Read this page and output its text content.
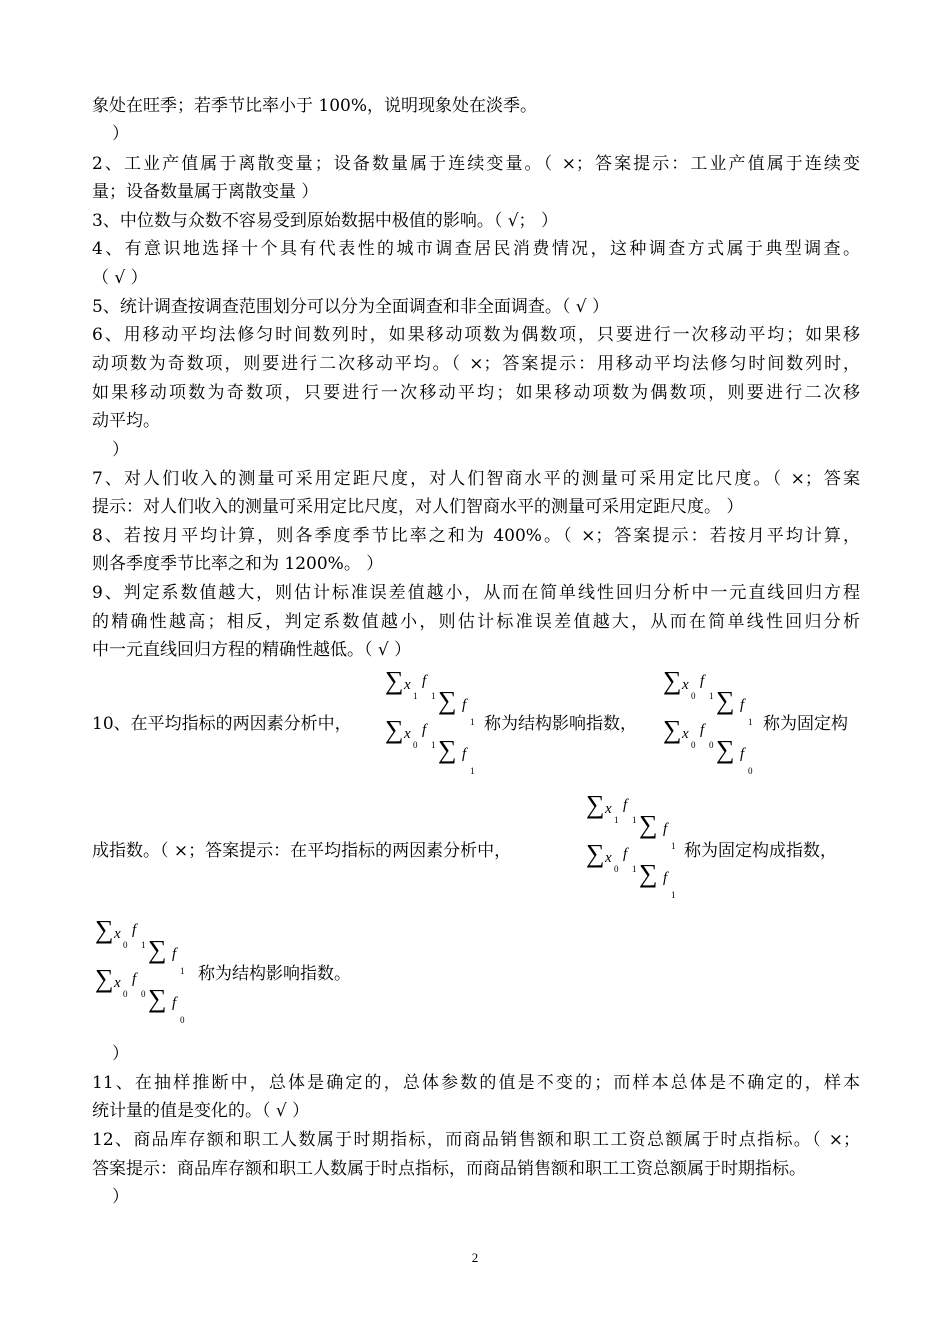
象处在旺季；若季节比率小于 100%，说明现象处在淡季。
）
2、工业产值属于离散变量；设备数量属于连续变量。（ ×；答案提示：工业产值属于连续变
量；设备数量属于离散变量 ）
3、中位数与众数不容易受到原始数据中极值的影响。（ √； ）
4、有意识地选择十个具有代表性的城市调查居民消费情况，这种调查方式属于典型调查。
（ √ ）
5、统计调查按调查范围划分可以分为全面调查和非全面调查。（ √ ）
6、用移动平均法修匀时间数列时，如果移动项数为偶数项，只要进行一次移动平均；如果移
动项数为奇数项，则要进行二次移动平均。（ ×；答案提示：用移动平均法修匀时间数列时，
如果移动项数为奇数项，只要进行一次移动平均；如果移动项数为偶数项，则要进行二次移
动平均。
）
7、对人们收入的测量可采用定距尺度，对人们智商水平的测量可采用定比尺度。（ ×；答案
提示：对人们收入的测量可采用定比尺度，对人们智商水平的测量可采用定距尺度。 ）
8、若按月平均计算，则各季度季节比率之和为 400%。（ ×；答案提示：若按月平均计算，
则各季度季节比率之和为 1200%。 ）
9、判定系数值越大，则估计标准误差值越小，从而在简单线性回归分析中一元直线回归方程
的精确性越高；相反，判定系数值越小，则估计标准误差值越大，从而在简单线性回归分析
中一元直线回归方程的精确性越低。（ √ ）
10、在平均指标的两因素分析中，
∑ x
1
f
1 ∑ f
1
∑ x
0
f
1 ∑ f
1
称为结构影响指数，
∑ x
0
f
1 ∑ f
1
∑ x
0
f
0 ∑ f
0
称为固定构
成指数。（ ×；答案提示：在平均指标的两因素分析中，
∑ x
1
f
1 ∑ f
1
∑ x
0
f
1 ∑ f
1
称为固定构成指数，
∑ x
0
f
1 ∑ f
1
∑ x
0
f
0 ∑ f
0
称为结构影响指数。
）
11、在抽样推断中，总体是确定的，总体参数的值是不变的；而样本总体是不确定的，样本
统计量的值是变化的。（ √ ）
12、商品库存额和职工人数属于时期指标，而商品销售额和职工工资总额属于时点指标。（ ×；
答案提示：商品库存额和职工人数属于时点指标，而商品销售额和职工工资总额属于时期指标。
）
2
